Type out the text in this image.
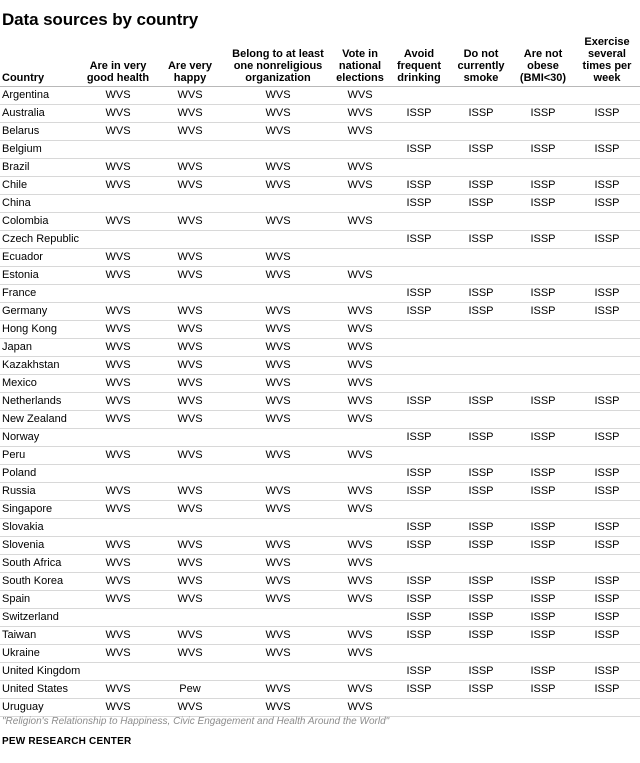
Data sources by country
Country	Are in very good health	Are very happy	Belong to at least one nonreligious organization	Vote in national elections	Avoid frequent drinking	Do not currently smoke	Are not obese (BMI<30)	Exercise several times per week
Argentina	WVS	WVS	WVS	WVS				
Australia	WVS	WVS	WVS	WVS	ISSP	ISSP	ISSP	ISSP
Belarus	WVS	WVS	WVS	WVS				
Belgium					ISSP	ISSP	ISSP	ISSP
Brazil	WVS	WVS	WVS	WVS				
Chile	WVS	WVS	WVS	WVS	ISSP	ISSP	ISSP	ISSP
China					ISSP	ISSP	ISSP	ISSP
Colombia	WVS	WVS	WVS	WVS				
Czech Republic					ISSP	ISSP	ISSP	ISSP
Ecuador	WVS	WVS	WVS					
Estonia	WVS	WVS	WVS	WVS				
France					ISSP	ISSP	ISSP	ISSP
Germany	WVS	WVS	WVS	WVS	ISSP	ISSP	ISSP	ISSP
Hong Kong	WVS	WVS	WVS	WVS				
Japan	WVS	WVS	WVS	WVS				
Kazakhstan	WVS	WVS	WVS	WVS				
Mexico	WVS	WVS	WVS	WVS				
Netherlands	WVS	WVS	WVS	WVS	ISSP	ISSP	ISSP	ISSP
New Zealand	WVS	WVS	WVS	WVS				
Norway					ISSP	ISSP	ISSP	ISSP
Peru	WVS	WVS	WVS	WVS				
Poland					ISSP	ISSP	ISSP	ISSP
Russia	WVS	WVS	WVS	WVS	ISSP	ISSP	ISSP	ISSP
Singapore	WVS	WVS	WVS	WVS				
Slovakia					ISSP	ISSP	ISSP	ISSP
Slovenia	WVS	WVS	WVS	WVS	ISSP	ISSP	ISSP	ISSP
South Africa	WVS	WVS	WVS	WVS				
South Korea	WVS	WVS	WVS	WVS	ISSP	ISSP	ISSP	ISSP
Spain	WVS	WVS	WVS	WVS	ISSP	ISSP	ISSP	ISSP
Switzerland					ISSP	ISSP	ISSP	ISSP
Taiwan	WVS	WVS	WVS	WVS	ISSP	ISSP	ISSP	ISSP
Ukraine	WVS	WVS	WVS	WVS				
United Kingdom					ISSP	ISSP	ISSP	ISSP
United States	WVS	Pew	WVS	WVS	ISSP	ISSP	ISSP	ISSP
Uruguay	WVS	WVS	WVS	WVS				
"Religion's Relationship to Happiness, Civic Engagement and Health Around the World"
PEW RESEARCH CENTER
